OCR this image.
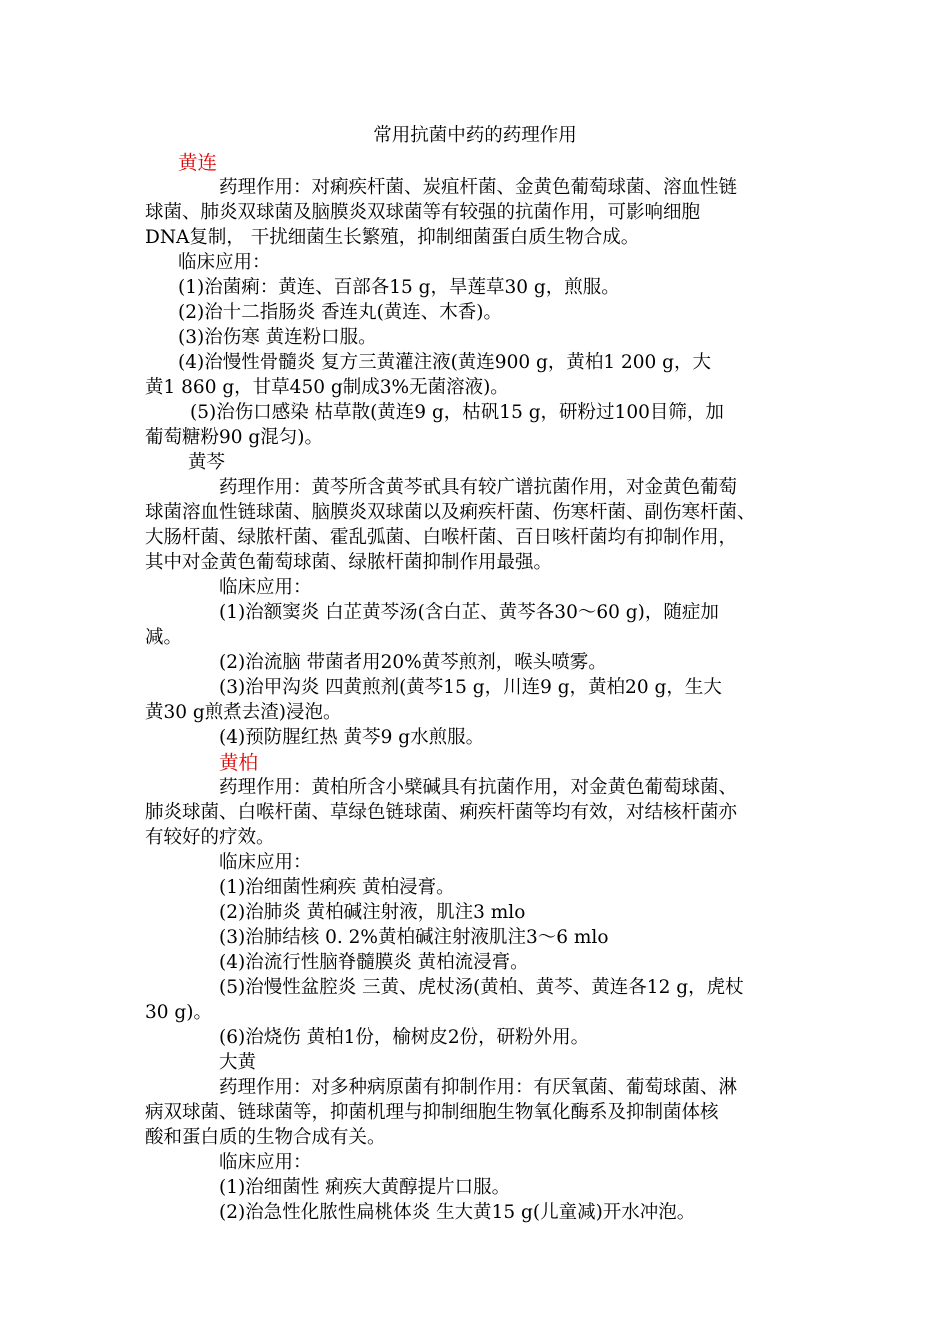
常用抗菌中药的药理作用
黄连
药理作用：对痢疾杆菌、炭疽杆菌、金黄色葡萄球菌、溶血性链
球菌、肺炎双球菌及脑膜炎双球菌等有较强的抗菌作用，可影响细胞
DNA复制， 干扰细菌生长繁殖，抑制细菌蛋白质生物合成。
临床应用：
(1)治菌痢：黄连、百部各15 g，旱莲草30 g，煎服。
(2)治十二指肠炎 香连丸(黄连、木香)。
(3)治伤寒 黄连粉口服。
(4)治慢性骨髓炎 复方三黄灌注液(黄连900 g，黄柏1 200 g，大
黄1 860 g，甘草450 g制成3%无菌溶液)。
(5)治伤口感染 枯草散(黄连9 g，枯矾15 g，研粉过100目筛，加
葡萄糖粉90 g混匀)。
黄芩
药理作用：黄芩所含黄芩甙具有较广谱抗菌作用，对金黄色葡萄
球菌溶血性链球菌、脑膜炎双球菌以及痢疾杆菌、伤寒杆菌、副伤寒杆菌、
大肠杆菌、绿脓杆菌、霍乱弧菌、白喉杆菌、百日咳杆菌均有抑制作用，
其中对金黄色葡萄球菌、绿脓杆菌抑制作用最强。
临床应用：
(1)治额窦炎 白芷黄芩汤(含白芷、黄芩各30～60 g)，随症加
减。
(2)治流脑 带菌者用20%黄芩煎剂，喉头喷雾。
(3)治甲沟炎 四黄煎剂(黄芩15 g，川连9 g，黄柏20 g，生大
黄30 g煎煮去渣)浸泡。
(4)预防腥红热 黄芩9 g水煎服。
黄柏
药理作用：黄柏所含小檗碱具有抗菌作用，对金黄色葡萄球菌、
肺炎球菌、白喉杆菌、草绿色链球菌、痢疾杆菌等均有效，对结核杆菌亦
有较好的疗效。
临床应用：
(1)治细菌性痢疾 黄柏浸膏。
(2)治肺炎 黄柏碱注射液，肌注3 mlo
(3)治肺结核 0. 2%黄柏碱注射液肌注3～6 mlo
(4)治流行性脑脊髓膜炎 黄柏流浸膏。
(5)治慢性盆腔炎 三黄、虎杖汤(黄柏、黄芩、黄连各12 g，虎杖
30 g)。
(6)治烧伤 黄柏1份，榆树皮2份，研粉外用。
大黄
药理作用：对多种病原菌有抑制作用：有厌氧菌、葡萄球菌、淋
病双球菌、链球菌等，抑菌机理与抑制细胞生物氧化酶系及抑制菌体核
酸和蛋白质的生物合成有关。
临床应用：
(1)治细菌性 痢疾大黄醇提片口服。
(2)治急性化脓性扁桃体炎 生大黄15 g(儿童减)开水冲泡。
